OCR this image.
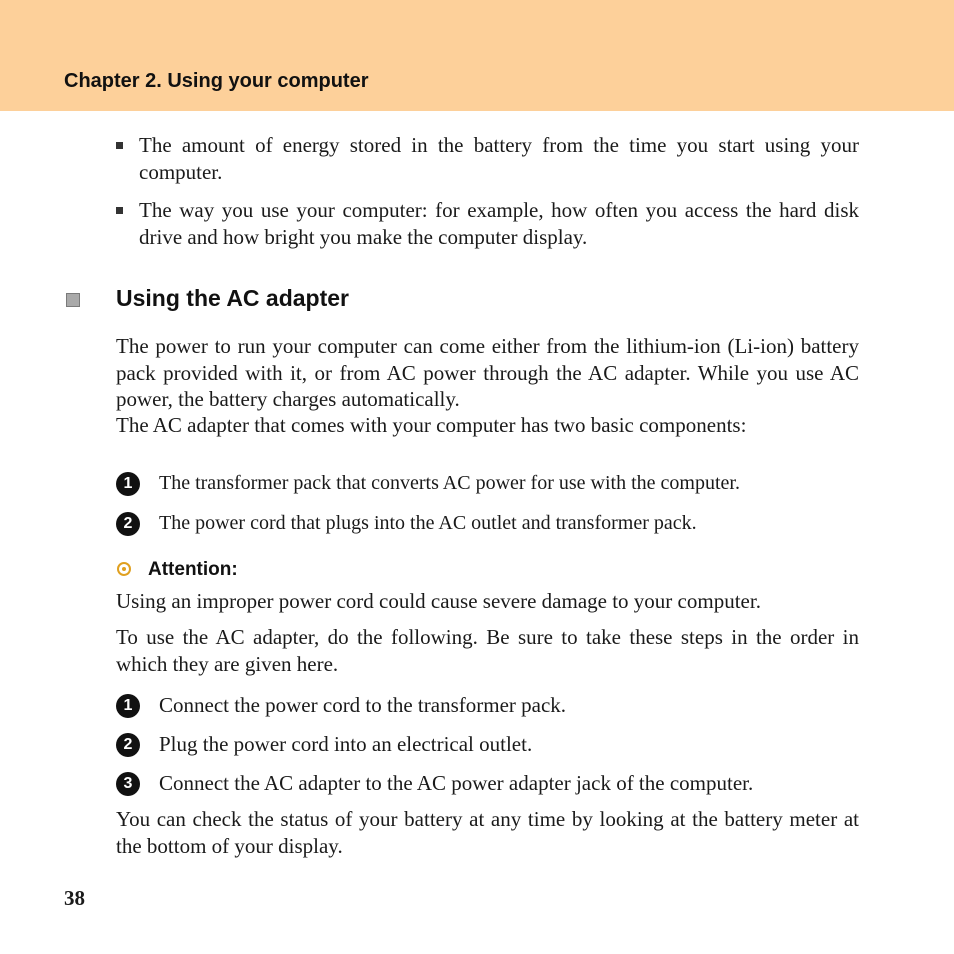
Chapter 2. Using your computer
The amount of energy stored in the battery from the time you start using your computer.
The way you use your computer: for example, how often you access the hard disk drive and how bright you make the computer display.
Using the AC adapter
The power to run your computer can come either from the lithium-ion (Li-ion) battery pack provided with it, or from AC power through the AC adapter. While you use AC power, the battery charges automatically.
The AC adapter that comes with your computer has two basic components:
1	The transformer pack that converts AC power for use with the computer.
2	The power cord that plugs into the AC outlet and transformer pack.
Attention:
Using an improper power cord could cause severe damage to your computer.
To use the AC adapter, do the following. Be sure to take these steps in the order in which they are given here.
1	Connect the power cord to the transformer pack.
2	Plug the power cord into an electrical outlet.
3	Connect the AC adapter to the AC power adapter jack of the computer.
You can check the status of your battery at any time by looking at the battery meter at the bottom of your display.
38
